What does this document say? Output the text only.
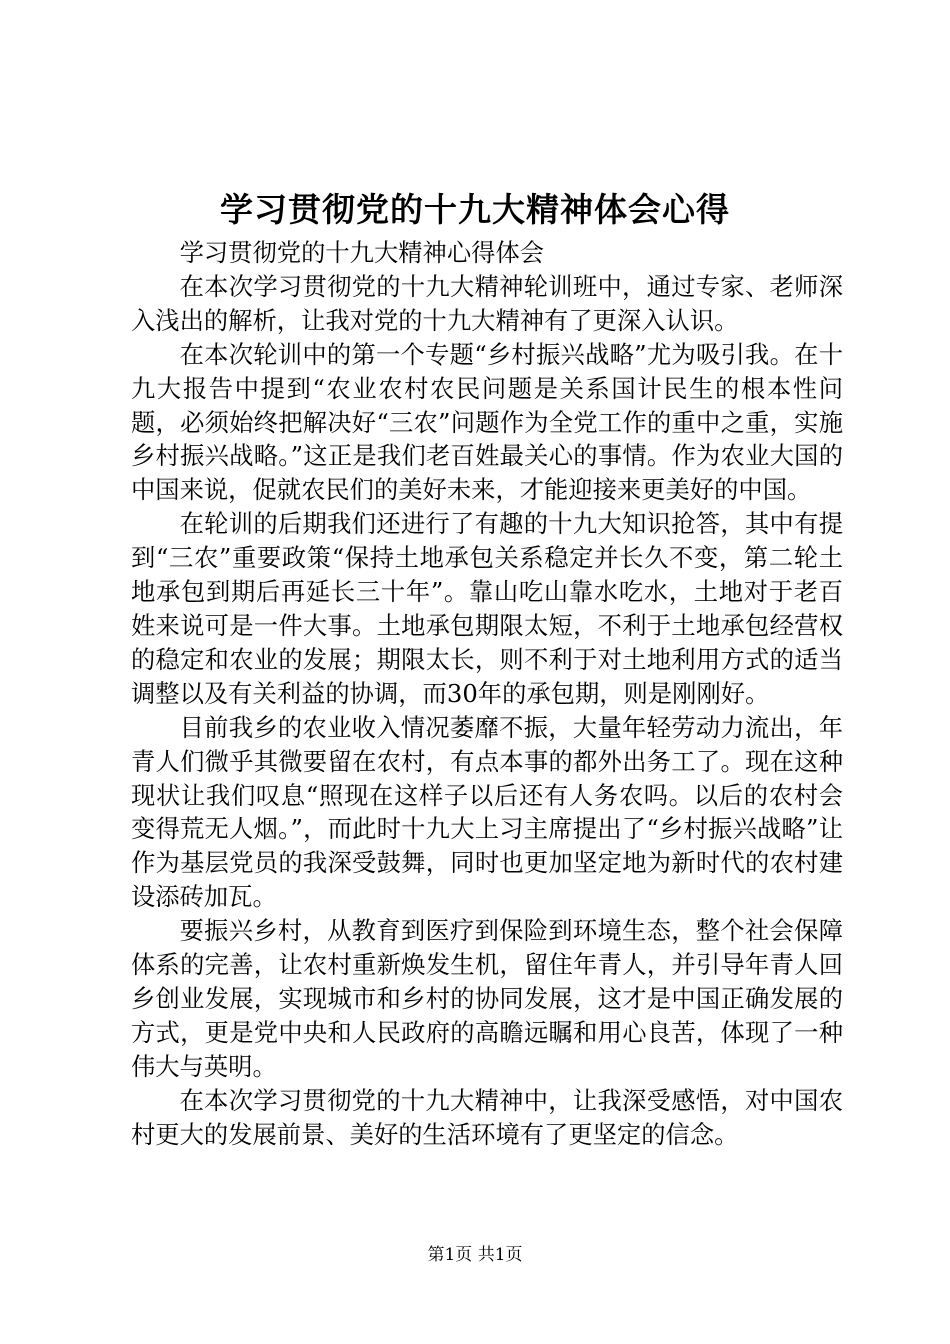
学习贯彻党的十九大精神体会心得

学习贯彻党的十九大精神心得体会

在本次学习贯彻党的十九大精神轮训班中，通过专家、老师深入浅出的解析，让我对党的十九大精神有了更深入认识。

在本次轮训中的第一个专题“乡村振兴战略”尤为吸引我。在十九大报告中提到“农业农村农民问题是关系国计民生的根本性问题，必须始终把解决好“三农”问题作为全党工作的重中之重，实施乡村振兴战略。”这正是我们老百姓最关心的事情。作为农业大国的中国来说，促就农民们的美好未来，才能迎接来更美好的中国。

在轮训的后期我们还进行了有趣的十九大知识抢答，其中有提到“三农”重要政策“保持土地承包关系稳定并长久不变，第二轮土地承包到期后再延长三十年”。靠山吃山靠水吃水，土地对于老百姓来说可是一件大事。土地承包期限太短，不利于土地承包经营权的稳定和农业的发展；期限太长，则不利于对土地利用方式的适当调整以及有关利益的协调，而30年的承包期，则是刚刚好。

目前我乡的农业收入情况萎靡不振，大量年轻劳动力流出，年青人们微乎其微要留在农村，有点本事的都外出务工了。现在这种现状让我们叹息“照现在这样子以后还有人务农吗。以后的农村会变得荒无人烟。”，而此时十九大上习主席提出了“乡村振兴战略”让作为基层党员的我深受鼓舞，同时也更加坚定地为新时代的农村建设添砖加瓦。

要振兴乡村，从教育到医疗到保险到环境生态，整个社会保障体系的完善，让农村重新焕发生机，留住年青人，并引导年青人回乡创业发展，实现城市和乡村的协同发展，这才是中国正确发展的方式，更是党中央和人民政府的高瞻远瞩和用心良苦，体现了一种伟大与英明。

在本次学习贯彻党的十九大精神中，让我深受感悟，对中国农村更大的发展前景、美好的生活环境有了更坚定的信念。

第1页 共1页
